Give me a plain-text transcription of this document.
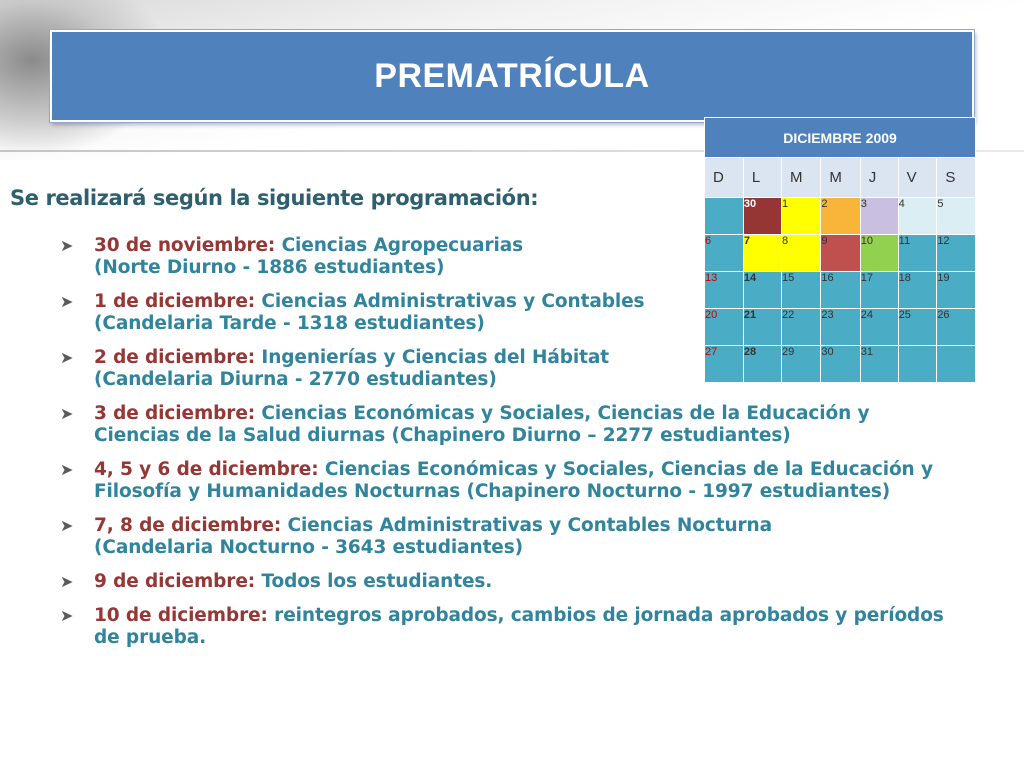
PREMATRÍCULA
Se realizará según la siguiente programación:
➤ 30 de noviembre: Ciencias Agropecuarias
(Norte Diurno - 1886 estudiantes)
➤ 1 de diciembre: Ciencias Administrativas y Contables
(Candelaria Tarde - 1318 estudiantes)
➤ 2 de diciembre: Ingenierías y Ciencias del Hábitat
(Candelaria Diurna - 2770 estudiantes)
➤ 3 de diciembre: Ciencias Económicas y Sociales, Ciencias de la Educación y Ciencias de la Salud diurnas (Chapinero Diurno – 2277 estudiantes)
➤ 4, 5 y 6 de diciembre: Ciencias Económicas y Sociales, Ciencias de la Educación y Filosofía y Humanidades Nocturnas (Chapinero Nocturno - 1997 estudiantes)
➤ 7, 8 de diciembre: Ciencias Administrativas y Contables Nocturna
(Candelaria Nocturno - 3643 estudiantes)
➤ 9 de diciembre: Todos los estudiantes.
➤ 10 de diciembre: reintegros aprobados, cambios de jornada aprobados y períodos de prueba.
DICIEMBRE 2009						
D	L	M	M	J	V	S
	30	1	2	3	4	5
6	7	8	9	10	11	12
13	14	15	16	17	18	19
20	21	22	23	24	25	26
27	28	29	30	31		
